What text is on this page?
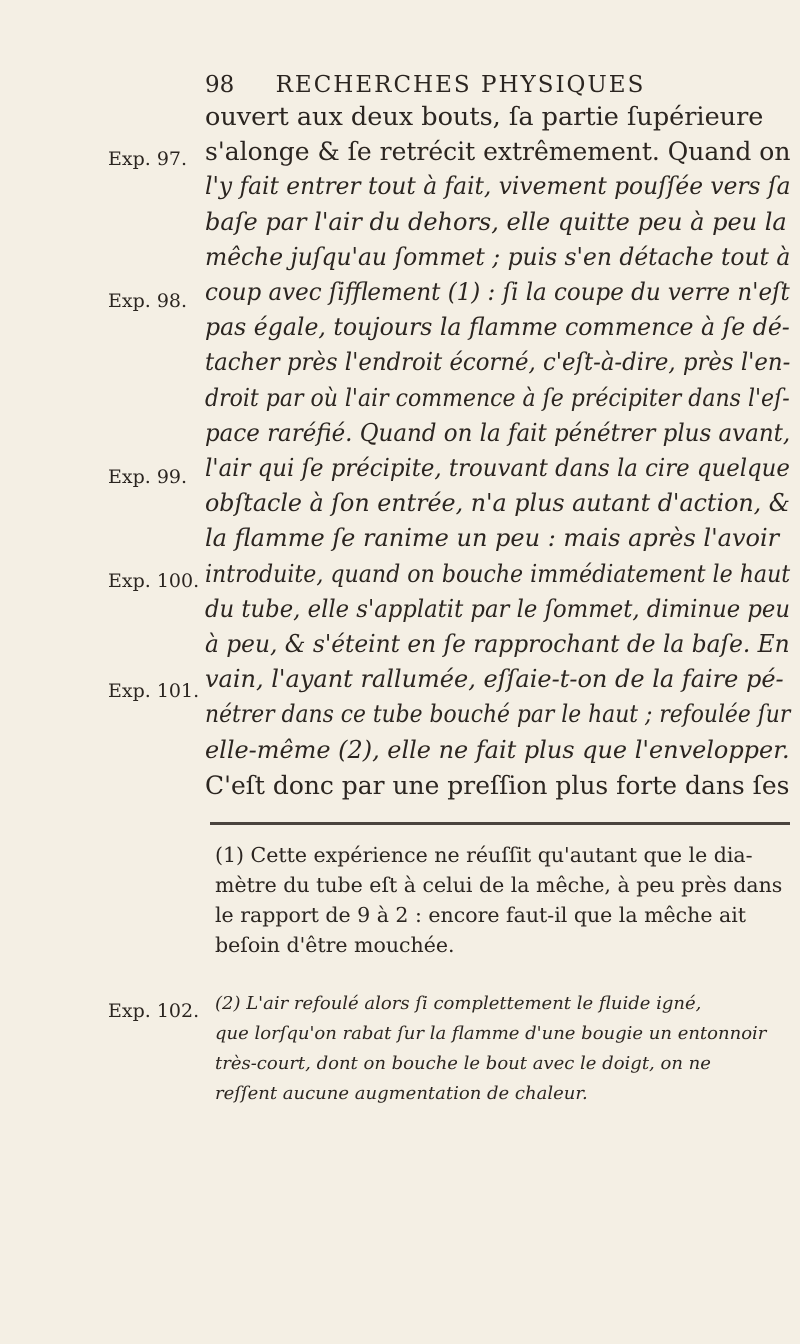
98 RECHERCHES PHYSIQUES
ouvert aux deux bouts, ſa partie ſupérieure
s'alonge & ſe retrécit extrêmement. Quand on
l'y fait entrer tout à fait, vivement pouſſée vers ſa
baſe par l'air du dehors, elle quitte peu à peu la
mêche juſqu'au ſommet ; puis s'en détache tout à
coup avec ſifflement (1) : ſi la coupe du verre n'eſt
pas égale, toujours la flamme commence à ſe dé-
tacher près l'endroit écorné, c'eſt-à-dire, près l'en-
droit par où l'air commence à ſe précipiter dans l'eſ-
pace raréfié. Quand on la fait pénétrer plus avant,
l'air qui ſe précipite, trouvant dans la cire quelque
obſtacle à ſon entrée, n'a plus autant d'action, &
la flamme ſe ranime un peu : mais après l'avoir
introduite, quand on bouche immédiatement le haut
du tube, elle s'applatit par le ſommet, diminue peu
à peu, & s'éteint en ſe rapprochant de la baſe. En
vain, l'ayant rallumée, eſſaie-t-on de la faire pé-
nétrer dans ce tube bouché par le haut ; refoulée ſur
elle-même (2), elle ne fait plus que l'envelopper.
C'eſt donc par une preſſion plus forte dans ſes
Exp. 97.
Exp. 98.
Exp. 99.
Exp. 100.
Exp. 101.
Exp. 102.
(1) Cette expérience ne réuſſit qu'autant que le dia-
mètre du tube eſt à celui de la mêche, à peu près dans
le rapport de 9 à 2 : encore faut-il que la mêche ait
beſoin d'être mouchée.
(2) L'air refoulé alors ſi complettement le fluide igné,
que lorſqu'on rabat ſur la flamme d'une bougie un entonnoir
très-court, dont on bouche le bout avec le doigt, on ne
reſſent aucune augmentation de chaleur.
